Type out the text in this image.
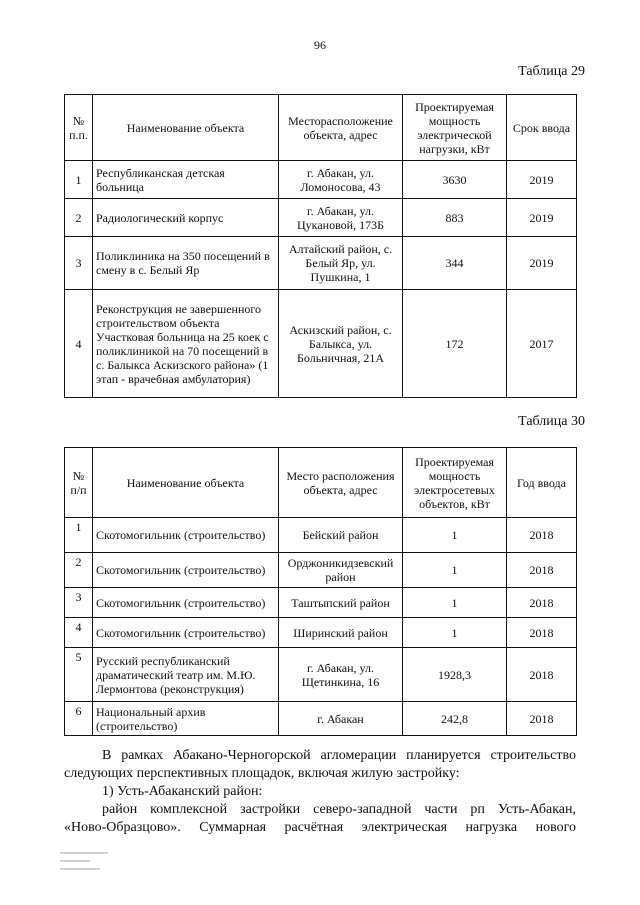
96
Таблица 29
№ п.п.	Наименование объекта	Месторасположение объекта, адрес	Проектируемая мощность электрической нагрузки, кВт	Срок ввода
1	Республиканская детская больница	г. Абакан, ул. Ломоносова, 43	3630	2019
2	Радиологический корпус	г. Абакан, ул. Цукановой, 173Б	883	2019
3	Поликлиника на 350 посещений в смену в с. Белый Яр	Алтайский район, с. Белый Яр, ул. Пушкина, 1	344	2019
4	Реконструкция не завершенного строительством объекта Участковая больница на 25 коек с поликлиникой на 70 посещений в с. Балыкса Аскизского района» (1 этап - врачебная амбулатория)	Аскизский район, с. Балыкса, ул. Больничная, 21А	172	2017
Таблица 30
№ п/п	Наименование объекта	Место расположения объекта, адрес	Проектируемая мощность электросетевых объектов, кВт	Год ввода
1	Скотомогильник (строительство)	Бейский район	1	2018
2	Скотомогильник (строительство)	Орджоникидзевский район	1	2018
3	Скотомогильник (строительство)	Таштыпский район	1	2018
4	Скотомогильник (строительство)	Ширинский район	1	2018
5	Русский республиканский драматический театр им. М.Ю. Лермонтова (реконструкция)	г. Абакан, ул. Щетинкина, 16	1928,3	2018
6	Национальный архив (строительство)	г. Абакан	242,8	2018
В рамках Абакано-Черногорской агломерации планируется строительство
следующих перспективных площадок, включая жилую застройку:
1) Усть-Абаканский район:
район комплексной застройки северо-западной части рп Усть-Абакан,
«Ново-Образцово». Суммарная расчётная электрическая нагрузка нового
